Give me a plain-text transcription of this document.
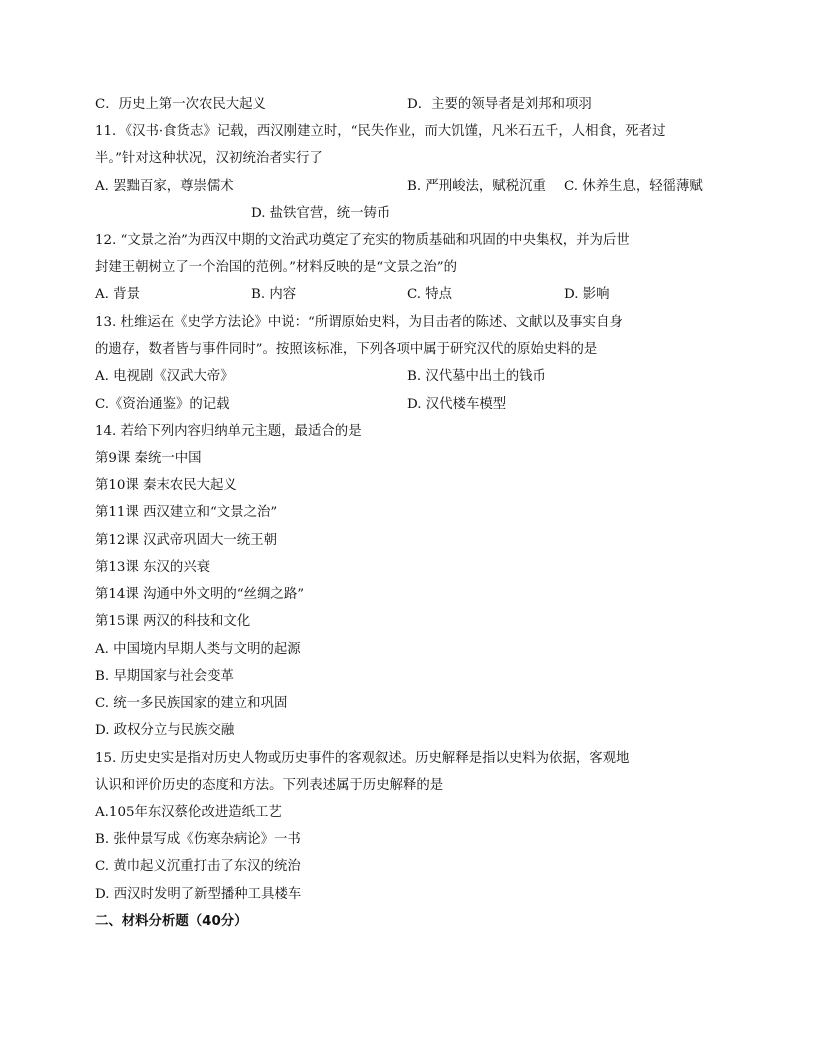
C．历史上第一次农民大起义	D．主要的领导者是刘邦和项羽
11．《汉书·食货志》记载，西汉刚建立时，“民失作业，而大饥馑，凡米石五千，人相食，死者过
半。”针对这种状况，汉初统治者实行了
A. 罢黜百家，尊崇儒术	B. 严刑峻法，赋税沉重 C. 休养生息，轻徭薄赋
D. 盐铁官营，统一铸币
12. “文景之治”为西汉中期的文治武功奠定了充实的物质基础和巩固的中央集权，并为后世
封建王朝树立了一个治国的范例。”材料反映的是“文景之治”的
A. 背景	B. 内容	C. 特点	D. 影响
13. 杜维运在《史学方法论》中说：“所谓原始史料，为目击者的陈述、文献以及事实自身
的遗存，数者皆与事件同时”。按照该标准，下列各项中属于研究汉代的原始史料的是
A. 电视剧《汉武大帝》	B. 汉代墓中出土的钱币
C.《资治通鉴》的记载	D. 汉代楼车模型
14. 若给下列内容归纳单元主题，最适合的是
第9课 秦统一中国
第10课 秦末农民大起义
第11课 西汉建立和“文景之治”
第12课 汉武帝巩固大一统王朝
第13课 东汉的兴衰
第14课 沟通中外文明的“丝绸之路”
第15课 两汉的科技和文化
A. 中国境内早期人类与文明的起源
B. 早期国家与社会变革
C. 统一多民族国家的建立和巩固
D. 政权分立与民族交融
15. 历史史实是指对历史人物或历史事件的客观叙述。历史解释是指以史料为依据，客观地
认识和评价历史的态度和方法。下列表述属于历史解释的是
A.105年东汉蔡伦改进造纸工艺
B. 张仲景写成《伤寒杂病论》一书
C. 黄巾起义沉重打击了东汉的统治
D. 西汉时发明了新型播种工具楼车
二、材料分析题（40分）
